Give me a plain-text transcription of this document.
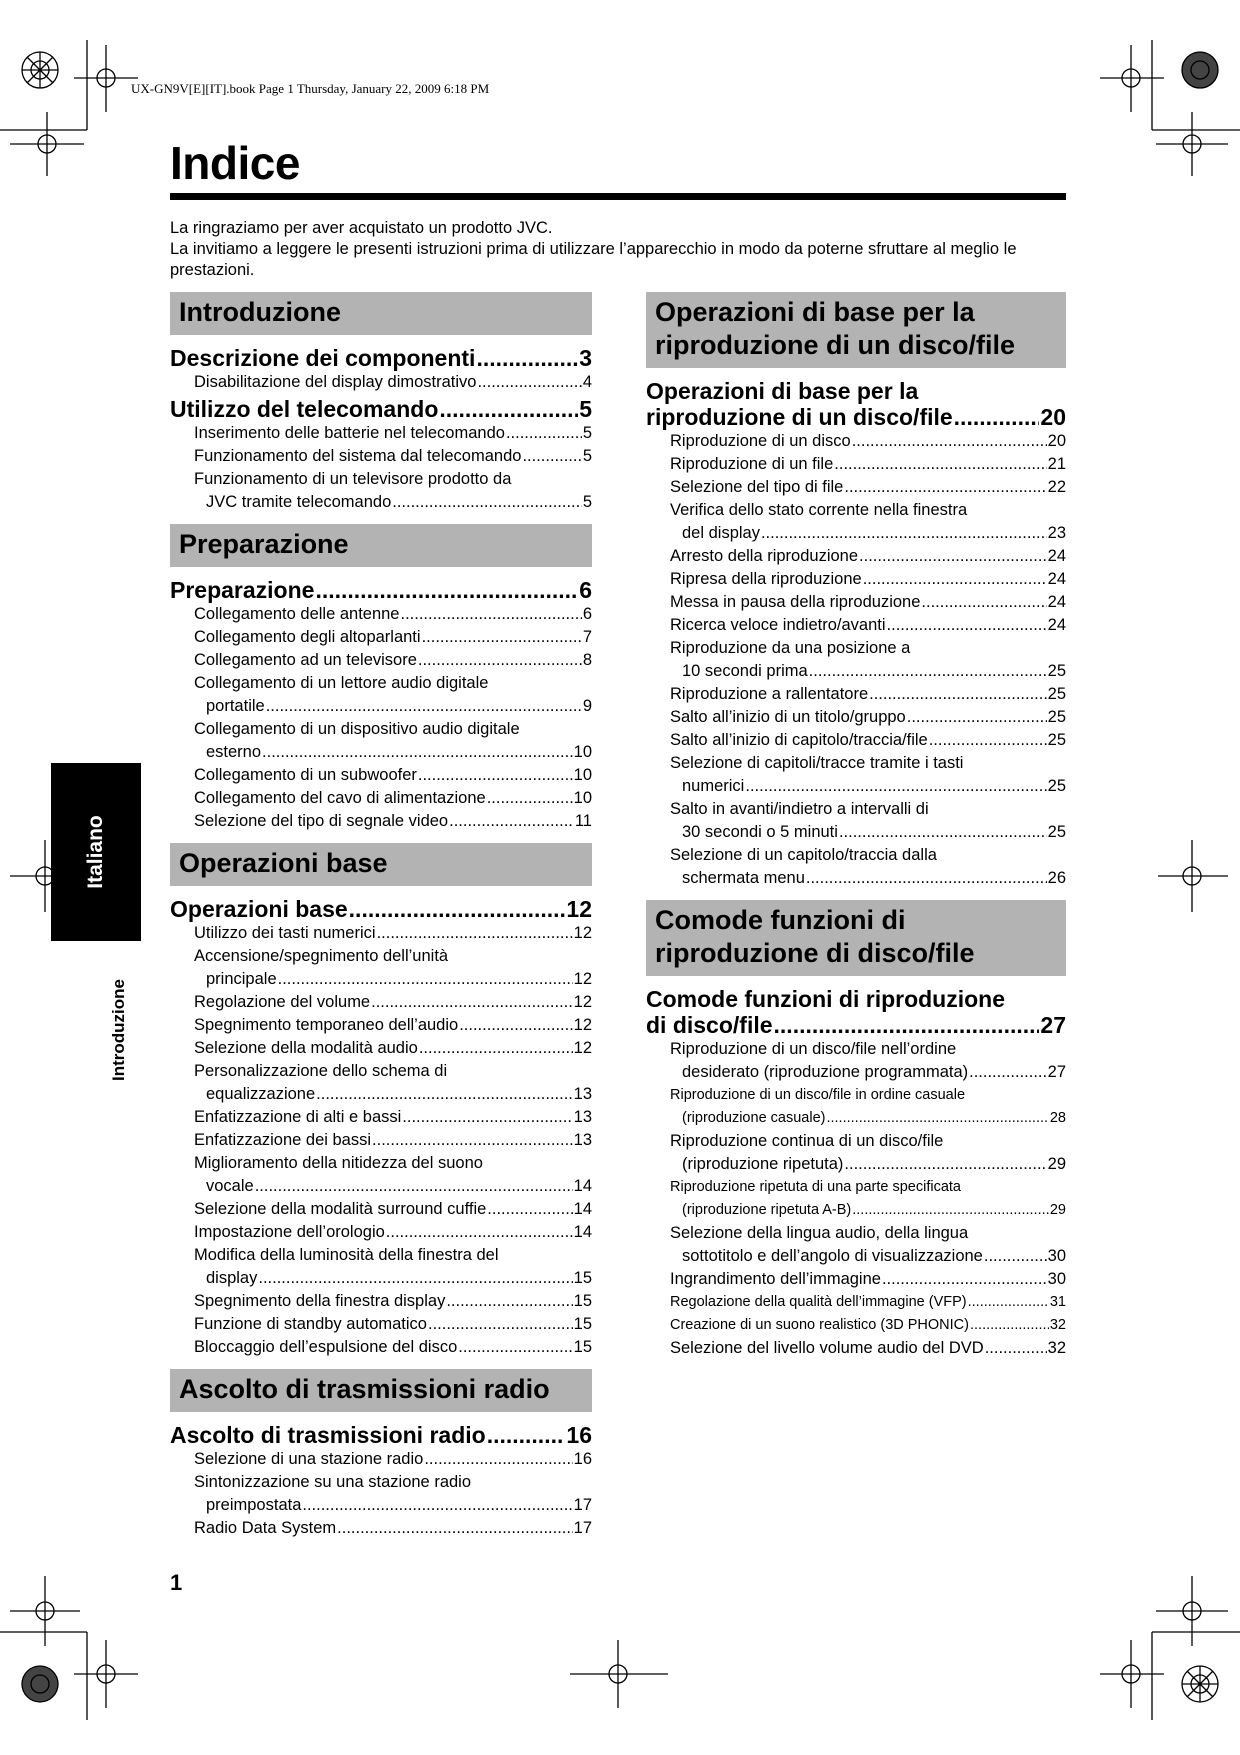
UX-GN9V[E][IT].book Page 1 Thursday, January 22, 2009 6:18 PM
Indice

La ringraziamo per aver acquistato un prodotto JVC.

La invitiamo a leggere le presenti istruzioni prima di utilizzare l’apparecchio in modo da poterne sfruttare al meglio le prestazioni.

Italiano
Introduzione
Introduzione
Descrizione dei componenti .....	3
Disabilitazione del display dimostrativo .....	4
Utilizzo del telecomando .....	5
Inserimento delle batterie nel telecomando .....	5
Funzionamento del sistema dal telecomando .....	5
Funzionamento di un televisore prodotto da
JVC tramite telecomando .....	5
Preparazione
Preparazione .....	6
Collegamento delle antenne .....	6
Collegamento degli altoparlanti .....	7
Collegamento ad un televisore .....	8
Collegamento di un lettore audio digitale
portatile .....	9
Collegamento di un dispositivo audio digitale
esterno .....	10
Collegamento di un subwoofer .....	10
Collegamento del cavo di alimentazione .....	10
Selezione del tipo di segnale video .....	11
Operazioni base
Operazioni base .....	12
Utilizzo dei tasti numerici .....	12
Accensione/spegnimento dell’unità
principale .....	12
Regolazione del volume .....	12
Spegnimento temporaneo dell’audio .....	12
Selezione della modalità audio .....	12
Personalizzazione dello schema di
equalizzazione .....	13
Enfatizzazione di alti e bassi .....	13
Enfatizzazione dei bassi .....	13
Miglioramento della nitidezza del suono
vocale .....	14
Selezione della modalità surround cuffie .....	14
Impostazione dell’orologio .....	14
Modifica della luminosità della finestra del
display .....	15
Spegnimento della finestra display .....	15
Funzione di standby automatico .....	15
Bloccaggio dell’espulsione del disco .....	15
Ascolto di trasmissioni radio
Ascolto di trasmissioni radio .....	16
Selezione di una stazione radio .....	16
Sintonizzazione su una stazione radio
preimpostata .....	17
Radio Data System .....	17
Operazioni di base per la riproduzione di un disco/file
Operazioni di base per la
riproduzione di un disco/file .....	20
Riproduzione di un disco .....	20
Riproduzione di un file .....	21
Selezione del tipo di file .....	22
Verifica dello stato corrente nella finestra
del display .....	23
Arresto della riproduzione .....	24
Ripresa della riproduzione .....	24
Messa in pausa della riproduzione .....	24
Ricerca veloce indietro/avanti .....	24
Riproduzione da una posizione a
10 secondi prima .....	25
Riproduzione a rallentatore .....	25
Salto all’inizio di un titolo/gruppo .....	25
Salto all’inizio di capitolo/traccia/file .....	25
Selezione di capitoli/tracce tramite i tasti
numerici .....	25
Salto in avanti/indietro a intervalli di
30 secondi o 5 minuti .....	25
Selezione di un capitolo/traccia dalla
schermata menu .....	26
Comode funzioni di riproduzione di disco/file
Comode funzioni di riproduzione
di disco/file .....	27
Riproduzione di un disco/file nell’ordine
desiderato (riproduzione programmata) .....	27
Riproduzione di un disco/file in ordine casuale
(riproduzione casuale) .....	28
Riproduzione continua di un disco/file
(riproduzione ripetuta) .....	29
Riproduzione ripetuta di una parte specificata
(riproduzione ripetuta A-B) .....	29
Selezione della lingua audio, della lingua
sottotitolo e dell’angolo di visualizzazione .....	30
Ingrandimento dell’immagine .....	30
Regolazione della qualità dell’immagine (VFP) .....	31
Creazione di un suono realistico (3D PHONIC) .....	32
Selezione del livello volume audio del DVD .....	32
1
